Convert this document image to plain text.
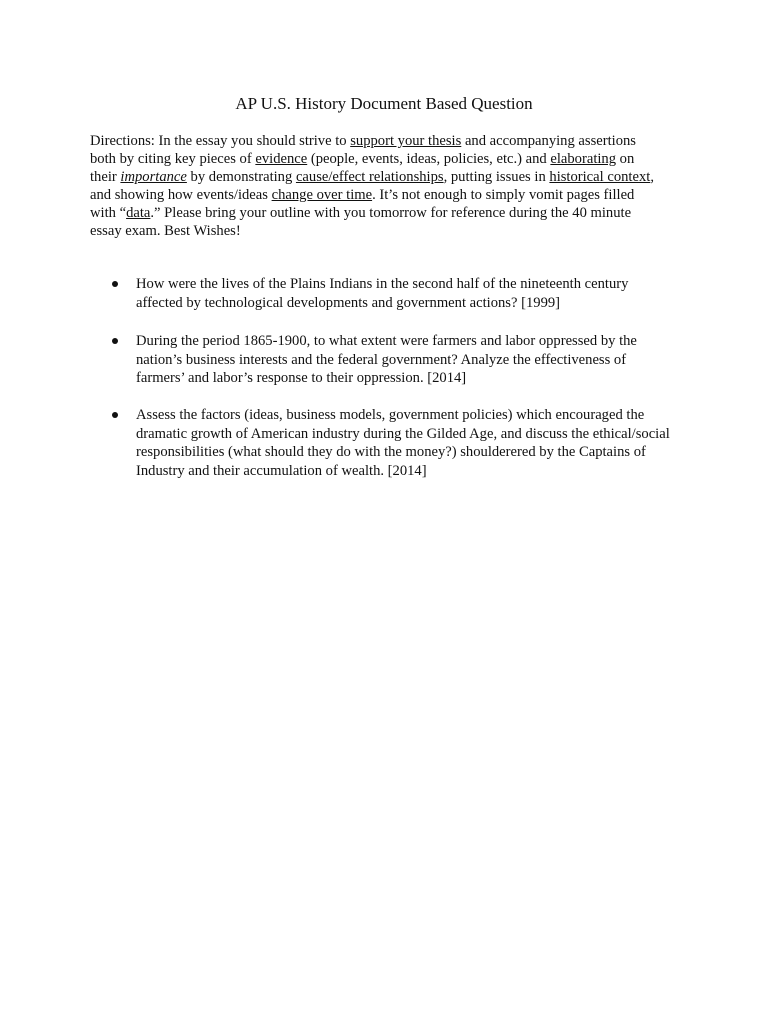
AP U.S. History Document Based Question

Directions: In the essay you should strive to support your thesis and accompanying assertions
both by citing key pieces of evidence (people, events, ideas, policies, etc.) and elaborating on
their importance by demonstrating cause/effect relationships, putting issues in historical context,
and showing how events/ideas change over time. It’s not enough to simply vomit pages filled
with “data.” Please bring your outline with you tomorrow for reference during the 40 minute
essay exam. Best Wishes!

How were the lives of the Plains Indians in the second half of the nineteenth century
affected by technological developments and government actions? [1999]
During the period 1865-1900, to what extent were farmers and labor oppressed by the
nation’s business interests and the federal government? Analyze the effectiveness of
farmers’ and labor’s response to their oppression. [2014]
Assess the factors (ideas, business models, government policies) which encouraged the
dramatic growth of American industry during the Gilded Age, and discuss the ethical/social
responsibilities (what should they do with the money?) shoulderered by the Captains of
Industry and their accumulation of wealth. [2014]
